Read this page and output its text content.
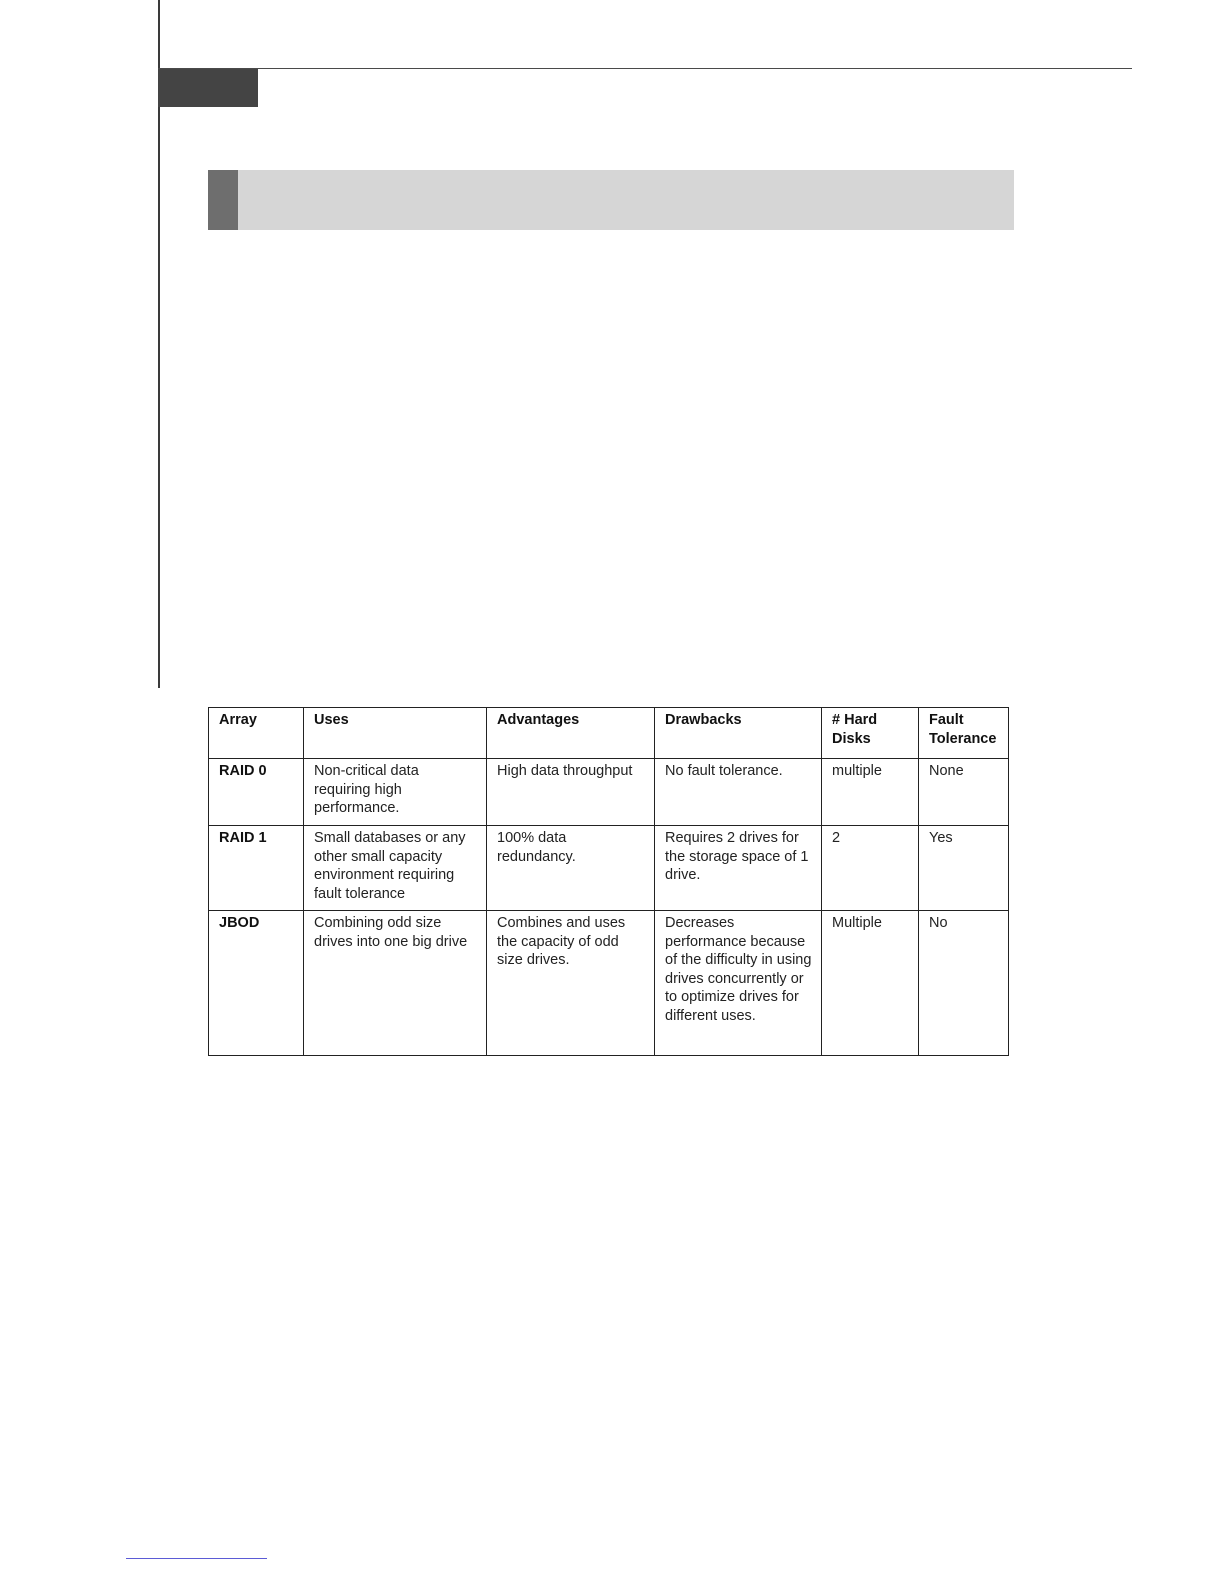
Array	Uses	Advantages	Drawbacks	# Hard Disks	Fault Tolerance
RAID 0	Non-critical data requiring high performance.	High data throughput	No fault tolerance.	multiple	None
RAID 1	Small databases or any other small capacity environment requiring fault tolerance	100% data redundancy.	Requires 2 drives for the storage space of 1 drive.	2	Yes
JBOD	Combining odd size drives into one big drive	Combines and uses the capacity of odd size drives.	Decreases performance because of the difficulty in using drives concurrently or to optimize drives for different uses.	Multiple	No
